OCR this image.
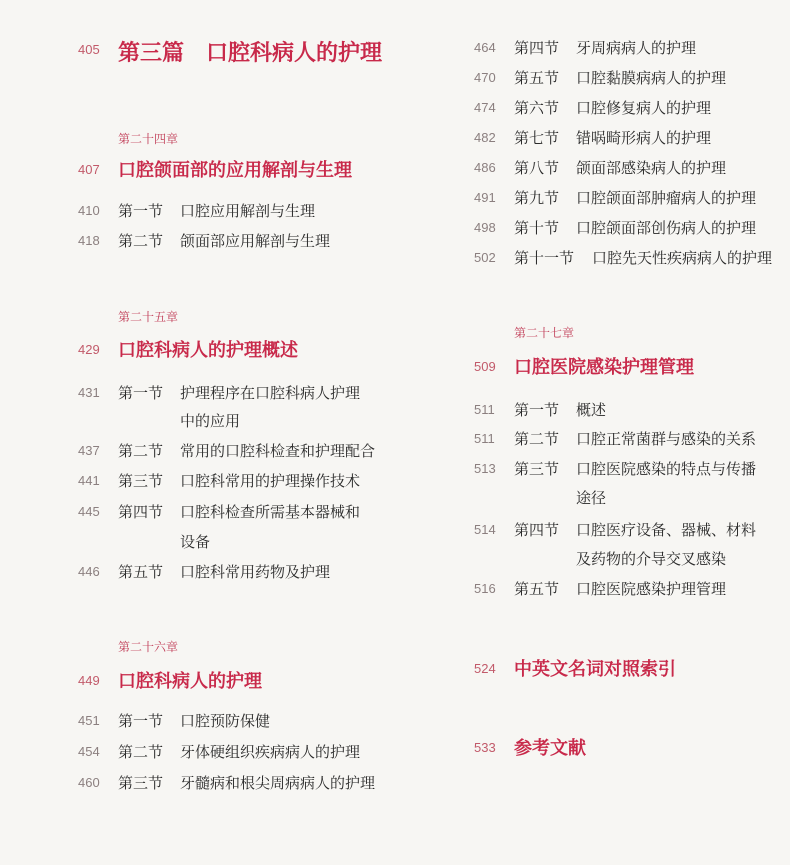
405 第三篇　口腔科病人的护理
第二十四章
407 口腔颌面部的应用解剖与生理
410 第一节 口腔应用解剖与生理
418 第二节 颌面部应用解剖与生理
第二十五章
429 口腔科病人的护理概述
431 第一节 护理程序在口腔科病人护理
中的应用
437 第二节 常用的口腔科检查和护理配合
441 第三节 口腔科常用的护理操作技术
445 第四节 口腔科检查所需基本器械和
设备
446 第五节 口腔科常用药物及护理
第二十六章
449 口腔科病人的护理
451 第一节 口腔预防保健
454 第二节 牙体硬组织疾病病人的护理
460 第三节 牙髓病和根尖周病病人的护理
464 第四节 牙周病病人的护理
470 第五节 口腔黏膜病病人的护理
474 第六节 口腔修复病人的护理
482 第七节 错㖞畸形病人的护理
486 第八节 颌面部感染病人的护理
491 第九节 口腔颌面部肿瘤病人的护理
498 第十节 口腔颌面部创伤病人的护理
502 第十一节 口腔先天性疾病病人的护理
第二十七章
509 口腔医院感染护理管理
511 第一节 概述
511 第二节 口腔正常菌群与感染的关系
513 第三节 口腔医院感染的特点与传播
途径
514 第四节 口腔医疗设备、器械、材料
及药物的介导交叉感染
516 第五节 口腔医院感染护理管理
524 中英文名词对照索引
533 参考文献
